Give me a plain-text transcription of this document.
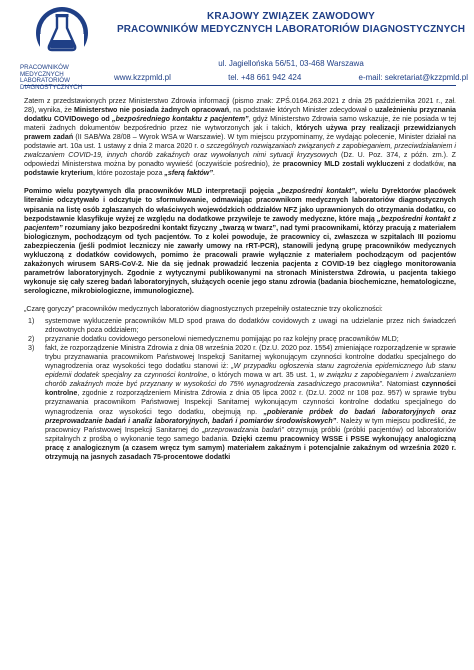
PRACOWNIKÓW
MEDYCZNYCH
LABORATORIÓW
DIAGNOSTYCZNYCH
KRAJOWY ZWIĄZEK ZAWODOWY
PRACOWNIKÓW MEDYCZNYCH LABORATORIÓW DIAGNOSTYCZNYCH
ul. Jagiellońska 56/51, 03-468 Warszawa
www.kzzpmld.pl	tel. +48 661 942 424	e-mail: sekretariat@kzzpmld.pl

Zatem z przedstawionych przez Ministerstwo Zdrowia informacji (pismo znak: ZPŚ.0164.263.2021 z dnia 25 października 2021 r., zał. 28), wynika, że Ministerstwo nie posiada żadnych opracowań, na podstawie których Minister zdecydował o uzależnieniu przyznania dodatku COVIDowego od „bezpośredniego kontaktu z pacjentem”, gdyż Ministerstwo Zdrowia samo wskazuje, że nie posiada w tej materii żadnych dokumentów bezpośrednio przez nie wytworzonych jak i takich, których używa przy realizacji przewidzianych prawem zadań (II SAB/Wa 28/08 – Wyrok WSA w Warszawie). W tym miejscu przypominamy, że wydając polecenie, Minister działał na podstawie art. 10a ust. 1 ustawy z dnia 2 marca 2020 r. o szczególnych rozwiązaniach związanych z zapobieganiem, przeciwdziałaniem i zwalczaniem COVID-19, innych chorób zakaźnych oraz wywołanych nimi sytuacji kryzysowych (Dz. U. Poz. 374, z późn. zm.). Z odpowiedzi Ministerstwa można by ponadto wywieść (oczywiście pośrednio), że pracownicy MLD zostali wykluczeni z dodatków, na podstawie kryterium, które pozostaje poza „sferą faktów”.

Pomimo wielu pozytywnych dla pracowników MLD interpretacji pojęcia „bezpośredni kontakt”, wielu Dyrektorów placówek literalnie odczytywało i odczytuje to sformułowanie, odmawiając pracownikom medycznych laboratoriów diagnostycznych wpisania na listę osób zgłaszanych do właściwych wojewódzkich oddziałów NFZ jako uprawnionych do otrzymania dodatku, co bezpodstawnie klasyfikuje wyżej ze względu na dodatkowe przywileje te zawody medyczne, które mają „bezpośredni kontakt z pacjentem” rozumiany jako bezpośredni kontakt fizyczny „twarzą w twarz”, nad tymi pracownikami, którzy pracują z materiałem biologicznym, pochodzącym od tych pacjentów. To z kolei powoduje, że pracownicy ci, zwłaszcza w szpitalach III poziomu zabezpieczenia (jeśli podmiot leczniczy nie zawarły umowy na rRT-PCR), stanowili jedyną grupę pracowników medycznych wykluczoną z dodatków covidowych, pomimo że pracowali prawie wyłącznie z materiałem pochodzącym od pacjentów zakażonych wirusem SARS-CoV-2. Nie da się jednak prowadzić leczenia pacjenta z COVID-19 bez ciągłego monitorowania parametrów laboratoryjnych. Zgodnie z wytycznymi publikowanymi na stronach Ministerstwa Zdrowia, u pacjenta takiego wykonuje się cały szereg badań laboratoryjnych, służących ocenie jego stanu zdrowia (badania biochemiczne, hematologiczne, serologiczne, mikrobiologiczne, immunologiczne).

„Czarę goryczy” pracowników medycznych laboratoriów diagnostycznych przepełniły ostatecznie trzy okoliczności:

1) systemowe wykluczenie pracowników MLD spod prawa do dodatków covidowych z uwagi na udzielanie przez nich świadczeń zdrowotnych poza oddziałem;
2) przyznanie dodatku covidowego personelowi niemedycznemu pomijając po raz kolejny pracę pracowników MLD;
3) fakt, że rozporządzenie Ministra Zdrowia z dnia 08 września 2020 r. (Dz.U. 2020 poz. 1554) zmieniające rozporządzenie w sprawie trybu przyznawania pracownikom Państwowej Inspekcji Sanitarnej wykonującym czynności kontrolne dodatku specjalnego do wynagrodzenia oraz wysokości tego dodatku stanowi iż: „W przypadku ogłoszenia stanu zagrożenia epidemicznego lub stanu epidemii dodatek specjalny za czynności kontrolne, o których mowa w art. 35 ust. 1, w związku z zapobieganiem i zwalczaniem chorób zakaźnych może być przyznany w wysokości do 75% wynagrodzenia zasadniczego pracownika”. Natomiast czynności kontrolne, zgodnie z rozporządzeniem Ministra Zdrowia z dnia 05 lipca 2002 r. (Dz.U. 2002 nr 108 poz. 957) w sprawie trybu przyznawania pracownikom Państwowej Inspekcji Sanitarnej wykonującym czynności kontrolne dodatku specjalnego do wynagrodzenia oraz wysokości tego dodatku, obejmują np. „pobieranie próbek do badań laboratoryjnych oraz przeprowadzanie badań i analiz laboratoryjnych, badań i pomiarów środowiskowych”. Należy w tym miejscu podkreślić, że pracownicy Państwowej Inspekcji Sanitarnej do „przeprowadzania badań” otrzymują próbki (próbki pacjentów) od laboratoriów szpitalnych z prośbą o wykonanie tego samego badania. Dzięki czemu pracownicy WSSE i PSSE wykonujący analogiczną pracę z analogicznym (a czasem wręcz tym samym) materiałem zakaźnym i potencjalnie zakaźnym od września 2020 r. otrzymują na jasnych zasadach 75-procentowe dodatki
